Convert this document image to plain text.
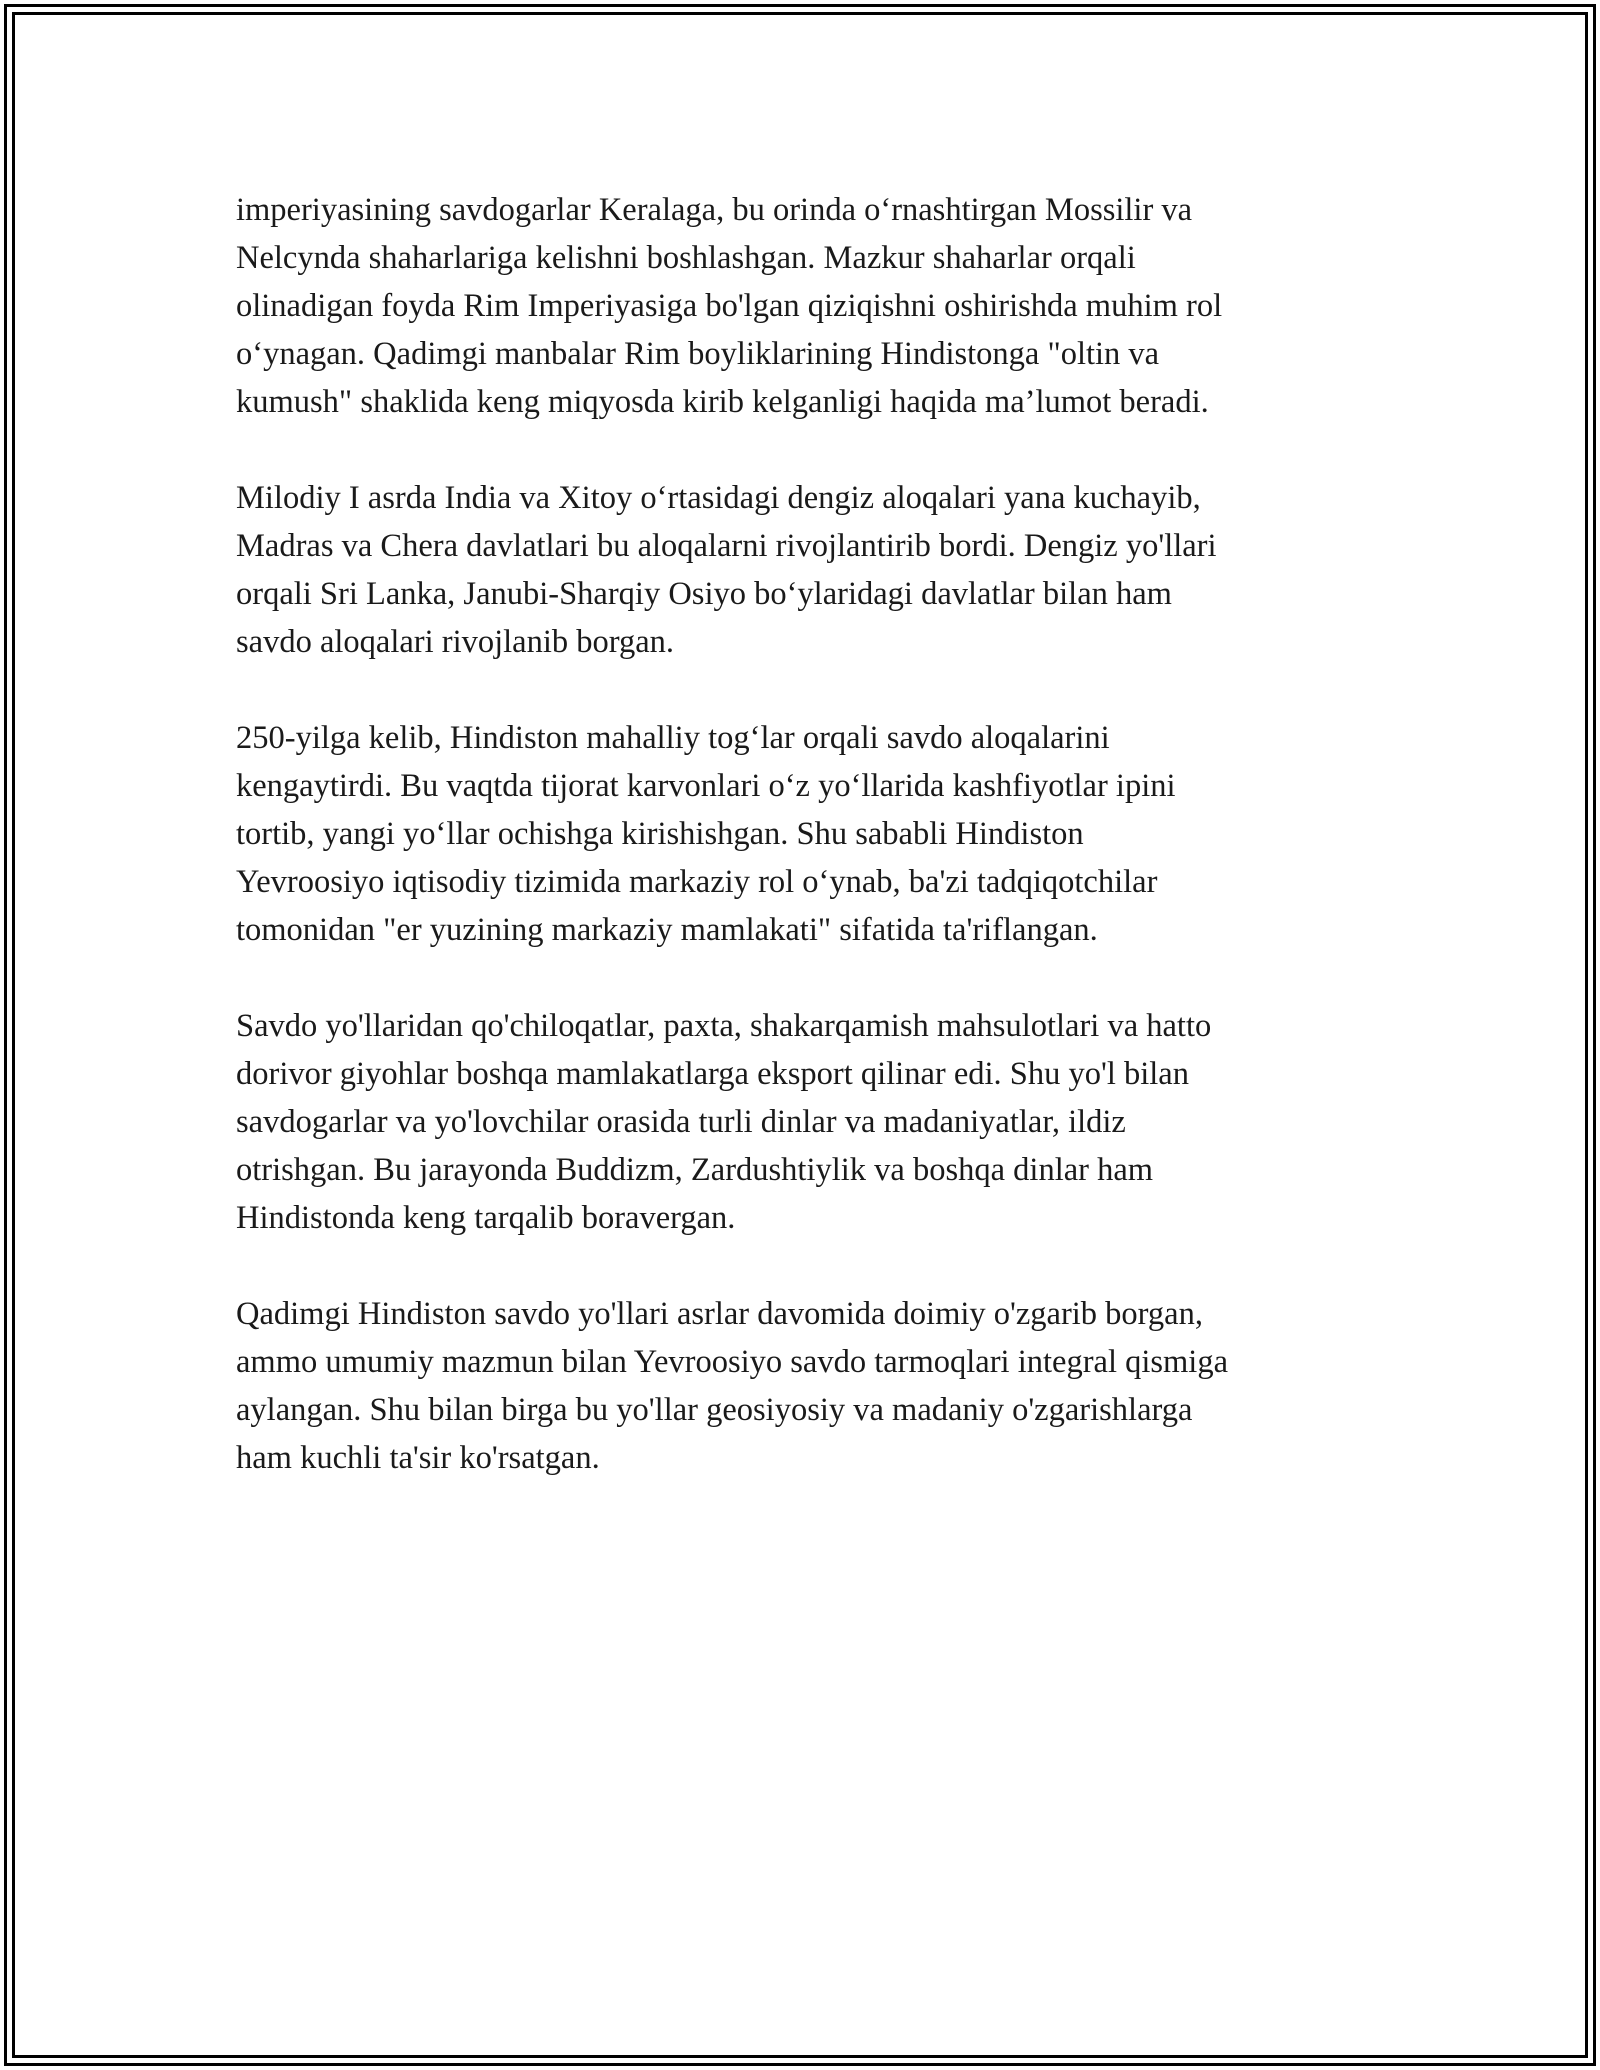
imperiyasining savdogarlar Keralaga, bu orinda o‘rnashtirgan Mossilir va
Nelcynda shaharlariga kelishni boshlashgan. Mazkur shaharlar orqali
olinadigan foyda Rim Imperiyasiga bo'lgan qiziqishni oshirishda muhim rol
o‘ynagan. Qadimgi manbalar Rim boyliklarining Hindistonga "oltin va
kumush" shaklida keng miqyosda kirib kelganligi haqida ma’lumot beradi.

Milodiy I asrda India va Xitoy o‘rtasidagi dengiz aloqalari yana kuchayib,
Madras va Chera davlatlari bu aloqalarni rivojlantirib bordi. Dengiz yo'llari
orqali Sri Lanka, Janubi-Sharqiy Osiyo bo‘ylaridagi davlatlar bilan ham
savdo aloqalari rivojlanib borgan.

250-yilga kelib, Hindiston mahalliy tog‘lar orqali savdo aloqalarini
kengaytirdi. Bu vaqtda tijorat karvonlari o‘z yo‘llarida kashfiyotlar ipini
tortib, yangi yo‘llar ochishga kirishishgan. Shu sababli Hindiston
Yevroosiyo iqtisodiy tizimida markaziy rol o‘ynab, ba'zi tadqiqotchilar
tomonidan "er yuzining markaziy mamlakati" sifatida ta'riflangan.

Savdo yo'llaridan qo'chiloqatlar, paxta, shakarqamish mahsulotlari va hatto
dorivor giyohlar boshqa mamlakatlarga eksport qilinar edi. Shu yo'l bilan
savdogarlar va yo'lovchilar orasida turli dinlar va madaniyatlar, ildiz
otrishgan. Bu jarayonda Buddizm, Zardushtiylik va boshqa dinlar ham
Hindistonda keng tarqalib boravergan.

Qadimgi Hindiston savdo yo'llari asrlar davomida doimiy o'zgarib borgan,
ammo umumiy mazmun bilan Yevroosiyo savdo tarmoqlari integral qismiga
aylangan. Shu bilan birga bu yo'llar geosiyosiy va madaniy o'zgarishlarga
ham kuchli ta'sir ko'rsatgan.
